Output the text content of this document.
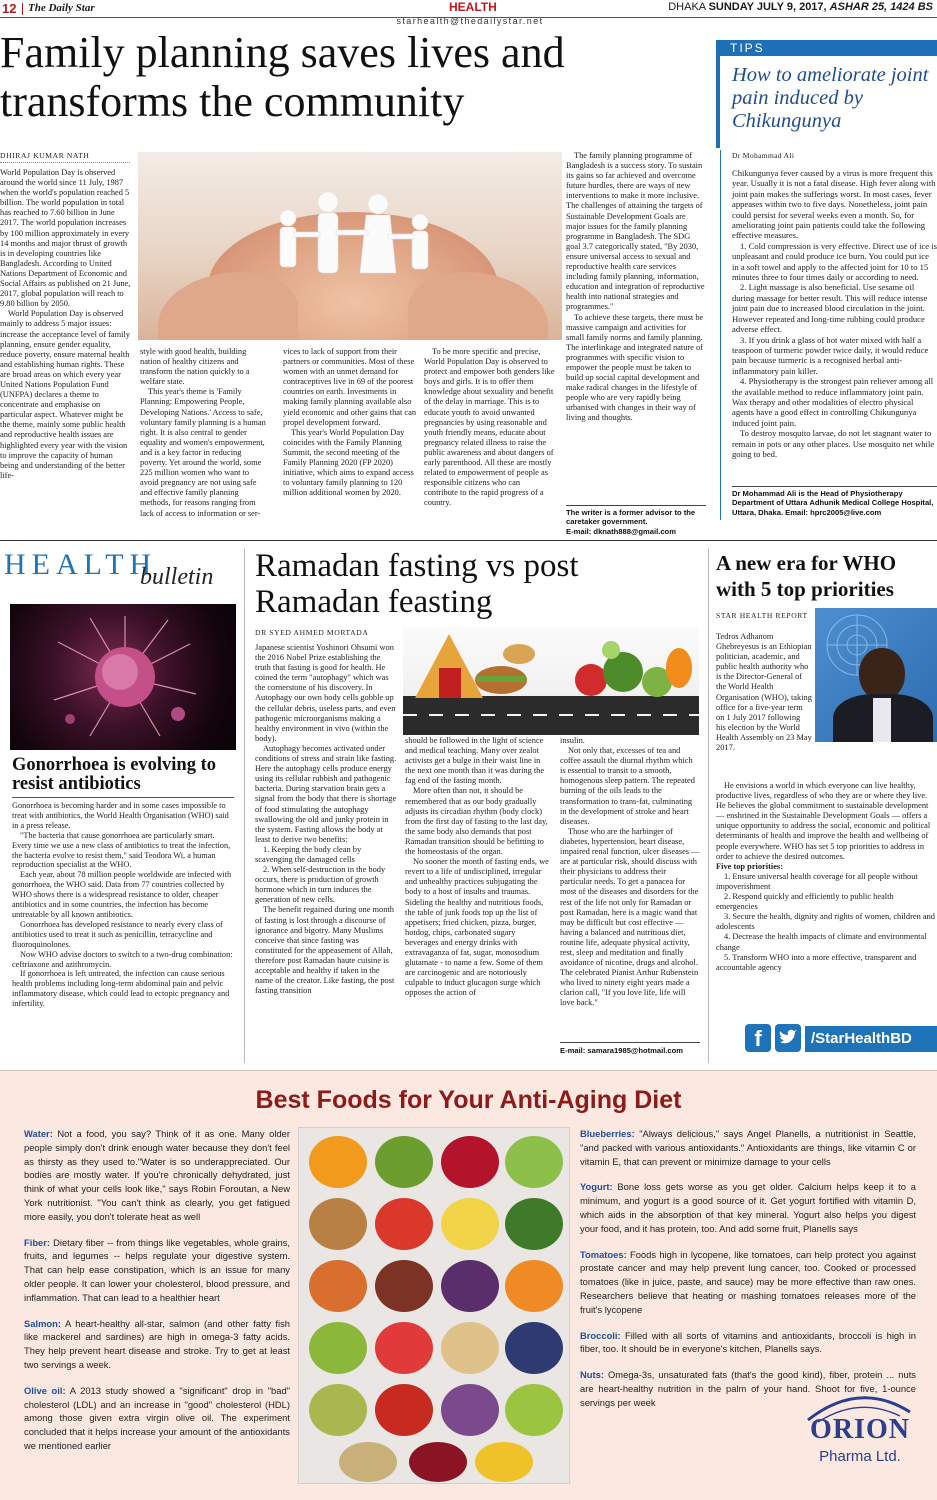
12 The Daily Star	HEALTH	DHAKA SUNDAY JULY 9, 2017, ASHAR 25, 1424 BS
starhealth@thedailystar.net
Family planning saves lives and transforms the community
DHIRAJ KUMAR NATH

World Population Day is observed around the world since 11 July, 1987 when the world's population reached 5 billion. The world population in total has reached to 7.60 billion in June 2017. The world population increases by 100 million approximately in every 14 months and major thrust of growth is in developing countries like Bangladesh. According to United Nations Department of Economic and Social Affairs as published on 21 June, 2017, global population will reach to 9.80 billion by 2050.

World Population Day is observed mainly to address 5 major issues: increase the acceptance level of family planning, ensure gender equality, reduce poverty, ensure maternal health and establishing human rights. These are broad areas on which every year United Nations Population Fund (UNFPA) declares a theme to concentrate and emphasise on particular aspect. Whatever might be the theme, mainly some public health and reproductive health issues are highlighted every year with the vision to improve the capacity of human being and understanding of the better life-

style with good health, building nation of healthy citizens and transform the nation quickly to a welfare state.

This year's theme is 'Family Planning: Empowering People, Developing Nations.' Access to safe, voluntary family planning is a human right. It is also central to gender equality and women's empowerment, and is a key factor in reducing poverty. Yet around the world, some 225 million women who want to avoid pregnancy are not using safe and effective family planning methods, for reasons ranging from lack of access to information or ser-

vices to lack of support from their partners or communities. Most of these women with an unmet demand for contraceptives live in 69 of the poorest countries on earth. Investments in making family planning available also yield economic and other gains that can propel development forward.

This year's World Population Day coincides with the Family Planning Summit, the second meeting of the Family Planning 2020 (FP 2020) initiative, which aims to expand access to voluntary family planning to 120 million additional women by 2020.

To be more specific and precise, World Population Day is observed to protect and empower both genders like boys and girls. It is to offer them knowledge about sexuality and benefit of the delay in marriage. This is to educate youth to avoid unwanted pregnancies by using reasonable and youth friendly means, educate about pregnancy related illness to raise the public awareness and about dangers of early parenthood. All these are mostly related to empowerment of people as responsible citizens who can contribute to the rapid progress of a country.

The family planning programme of Bangladesh is a success story. To sustain its gains so far achieved and overcome future hurdles, there are ways of new interventions to make it more inclusive. The challenges of attaining the targets of Sustainable Development Goals are major issues for the family planning programme in Bangladesh. The SDG goal 3.7 categorically stated, "By 2030, ensure universal access to sexual and reproductive health care services including family planning, information, education and integration of reproductive health into national strategies and programmes."

To achieve these targets, there must be massive campaign and activities for small family norms and family planning. The interlinkage and integrated nature of programmes with specific vision to empower the people must be taken to build up social capital development and make radical changes in the lifestyle of people who are very rapidly being urbanised with changes in their way of living and thoughts.

The writer is a former advisor to the caretaker government.
E-mail: dknath888@gmail.com
TIPS
How to ameliorate joint pain induced by Chikungunya
Dr Mohammad Ali

Chikungunya fever caused by a virus is more frequent this year. Usually it is not a fatal disease. High fever along with joint pain makes the sufferings worst. In most cases, fever appeases within two to five days. Nonetheless, joint pain could persist for several weeks even a month. So, for ameliorating joint pain patients could take the following effective measures.

1. Cold compression is very effective. Direct use of ice is unpleasant and could produce ice burn. You could put ice in a soft towel and apply to the affected joint for 10 to 15 minutes three to four times daily or according to need.

2. Light massage is also beneficial. Use sesame oil during massage for better result. This will reduce intense joint pain due to increased blood circulation in the joint. However repeated and long-time rubbing could produce adverse effect.

3. If you drink a glass of hot water mixed with half a teaspoon of turmeric powder twice daily, it would reduce pain because turmeric is a recognised herbal anti-inflammatory pain killer.

4. Physiotherapy is the strongest pain reliever among all the available method to reduce inflammatory joint pain. Wax therapy and other modalities of electro physical agents have a good effect in controlling Chikungunya induced joint pain.

To destroy mosquito larvae, do not let stagnant water to remain in pots or any other places. Use mosquito net while going to bed.

Dr Mohammad Ali is the Head of Physiotherapy Department of Uttara Adhunik Medical College Hospital, Uttara, Dhaka. Email: hprc2005@live.com
HEALTH
bulletin
Gonorrhoea is evolving to resist antibiotics

Gonorrhoea is becoming harder and in some cases impossible to treat with antibiotics, the World Health Organisation (WHO) said in a press release.

"The bacteria that cause gonorrhoea are particularly smart. Every time we use a new class of antibiotics to treat the infection, the bacteria evolve to resist them," said Teodora Wi, a human reproduction specialist at the WHO.

Each year, about 78 million people worldwide are infected with gonorrhoea, the WHO said. Data from 77 countries collected by WHO shows there is a widespread resistance to older, cheaper antibiotics and in some countries, the infection has become untreatable by all known antibiotics.

Gonorrhoea has developed resistance to nearly every class of antibiotics used to treat it such as penicillin, tetracycline and fluoroquinolones.

Now WHO advise doctors to switch to a two-drug combination: ceftriaxone and azithromycin.

If gonorrhoea is left untreated, the infection can cause serious health problems including long-term abdominal pain and pelvic inflammatory disease, which could lead to ectopic pregnancy and infertility.

Ramadan fasting vs post Ramadan feasting
DR SYED AHMED MORTADA

Japanese scientist Yoshinori Ohsumi won the 2016 Nobel Prize establishing the truth that fasting is good for health. He coined the term "autophagy" which was the cornerstone of his discovery. In Autophagy our own body cells gobble up the cellular debris, useless parts, and even pathogenic microorganisms making a healthy environment in vivo (within the body).

Autophagy becomes activated under conditions of stress and strain like fasting. Here the autophagy cells produce energy using its cellular rubbish and pathogenic bacteria. During starvation brain gets a signal from the body that there is shortage of food stimulating the autophagy swallowing the old and junky protein in the system. Fasting allows the body at least to derive two benefits:

1. Keeping the body clean by scavenging the damaged cells

2. When self-destruction in the body occurs, there is production of growth hormone which in turn induces the generation of new cells.

The benefit regained during one month of fasting is lost through a discourse of ignorance and bigotry. Many Muslims conceive that since fasting was constituted for the appeasement of Allah, therefore post Ramadan haute cuisine is acceptable and healthy if taken in the name of the creator. Like fasting, the post fasting transition

should be followed in the light of science and medical teaching. Many over zealot activists get a bulge in their waist line in the next one month than it was during the fag end of the fasting month.

More often than not, it should be remembered that as our body gradually adjusts its circadian rhythm (body clock) from the first day of fasting to the last day, the same body also demands that post Ramadan transition should be befitting to the homeostasis of the organ.

No sooner the month of fasting ends, we revert to a life of undisciplined, irregular and unhealthy practices subjugating the body to a host of insults and traumas. Sideling the healthy and nutritious foods, the table of junk foods top up the list of appetisers; fried chicken, pizza, burger, hotdog, chips, carbonated sugary beverages and energy drinks with extravaganza of fat, sugar, monosodium glutamate - to name a few. Some of them are carcinogenic and are notoriously culpable to induct glucagon surge which opposes the action of

insulin.

Not only that, excesses of tea and coffee assault the diurnal rhythm which is essential to transit to a smooth, homogenous sleep pattern. The repeated burning of the oils leads to the transformation to trans-fat, culminating in the development of stroke and heart diseases.

Those who are the harbinger of diabetes, hypertension, heart disease, impaired renal function, ulcer diseases — are at particular risk, should discuss with their physicians to address their particular needs. To get a panacea for most of the diseases and disorders for the rest of the life not only for Ramadan or post Ramadan, here is a magic wand that may be difficult but cost effective — having a balanced and nutritious diet, routine life, adequate physical activity, rest, sleep and meditation and finally avoidance of nicotine, drugs and alcohol. The celebrated Pianist Arthur Rubenstein who lived to ninety eight years made a clarion call, "If you love life, life will love back."

E-mail: samara1985@hotmail.com
A new era for WHO with 5 top priorities
STAR HEALTH REPORT
Tedros Adhanom Ghebreyesus is an Ethiopian politician, academic, and public health authority who is the Director-General of the World Health Organisation (WHO), taking office for a five-year term on 1 July 2017 following his election by the World Health Assembly on 23 May 2017.

He envisions a world in which everyone can live healthy, productive lives, regardless of who they are or where they live. He believes the global commitment to sustainable development — enshrined in the Sustainable Development Goals — offers a unique opportunity to address the social, economic and political determinants of health and improve the health and wellbeing of people everywhere. WHO has set 5 top priorities to address in order to achieve the desired outcomes.

Five top priorities:

1. Ensure universal health coverage for all people without impoverishment

2. Respond quickly and efficiently to public health emergencies

3. Secure the health, dignity and rights of women, children and adolescents

4. Decrease the health impacts of climate and environmental change

5. Transform WHO into a more effective, transparent and accountable agency

f	/StarHealthBD
Best Foods for Your Anti-Aging Diet

Water: Not a food, you say? Think of it as one. Many older people simply don't drink enough water because they don't feel as thirsty as they used to."Water is so underappreciated. Our bodies are mostly water. If you're chronically dehydrated, just think of what your cells look like," says Robin Foroutan, a New York nutritionist. "You can't think as clearly, you get fatigued more easily, you don't tolerate heat as well

Fiber: Dietary fiber -- from things like vegetables, whole grains, fruits, and legumes -- helps regulate your digestive system. That can help ease constipation, which is an issue for many older people. It can lower your cholesterol, blood pressure, and inflammation. That can lead to a healthier heart

Salmon: A heart-healthy all-star, salmon (and other fatty fish like mackerel and sardines) are high in omega-3 fatty acids. They help prevent heart disease and stroke. Try to get at least two servings a week.

Olive oil: A 2013 study showed a "significant" drop in "bad" cholesterol (LDL) and an increase in "good" cholesterol (HDL) among those given extra virgin olive oil. The experiment concluded that it helps increase your amount of the antioxidants we mentioned earlier

Blueberries: "Always delicious," says Angel Planells, a nutritionist in Seattle, "and packed with various antioxidants." Antioxidants are things, like vitamin C or vitamin E, that can prevent or minimize damage to your cells

Yogurt: Bone loss gets worse as you get older. Calcium helps keep it to a minimum, and yogurt is a good source of it. Get yogurt fortified with vitamin D, which aids in the absorption of that key mineral. Yogurt also helps you digest your food, and it has protein, too. And add some fruit, Planells says

Tomatoes: Foods high in lycopene, like tomatoes, can help protect you against prostate cancer and may help prevent lung cancer, too. Cooked or processed tomatoes (like in juice, paste, and sauce) may be more effective than raw ones. Researchers believe that heating or mashing tomatoes releases more of the fruit's lycopene

Broccoli: Filled with all sorts of vitamins and antioxidants, broccoli is high in fiber, too. It should be in everyone's kitchen, Planells says.

Nuts: Omega-3s, unsaturated fats (that's the good kind), fiber, protein ... nuts are heart-healthy nutrition in the palm of your hand. Shoot for five, 1-ounce servings per week

ORION
Pharma Ltd.
